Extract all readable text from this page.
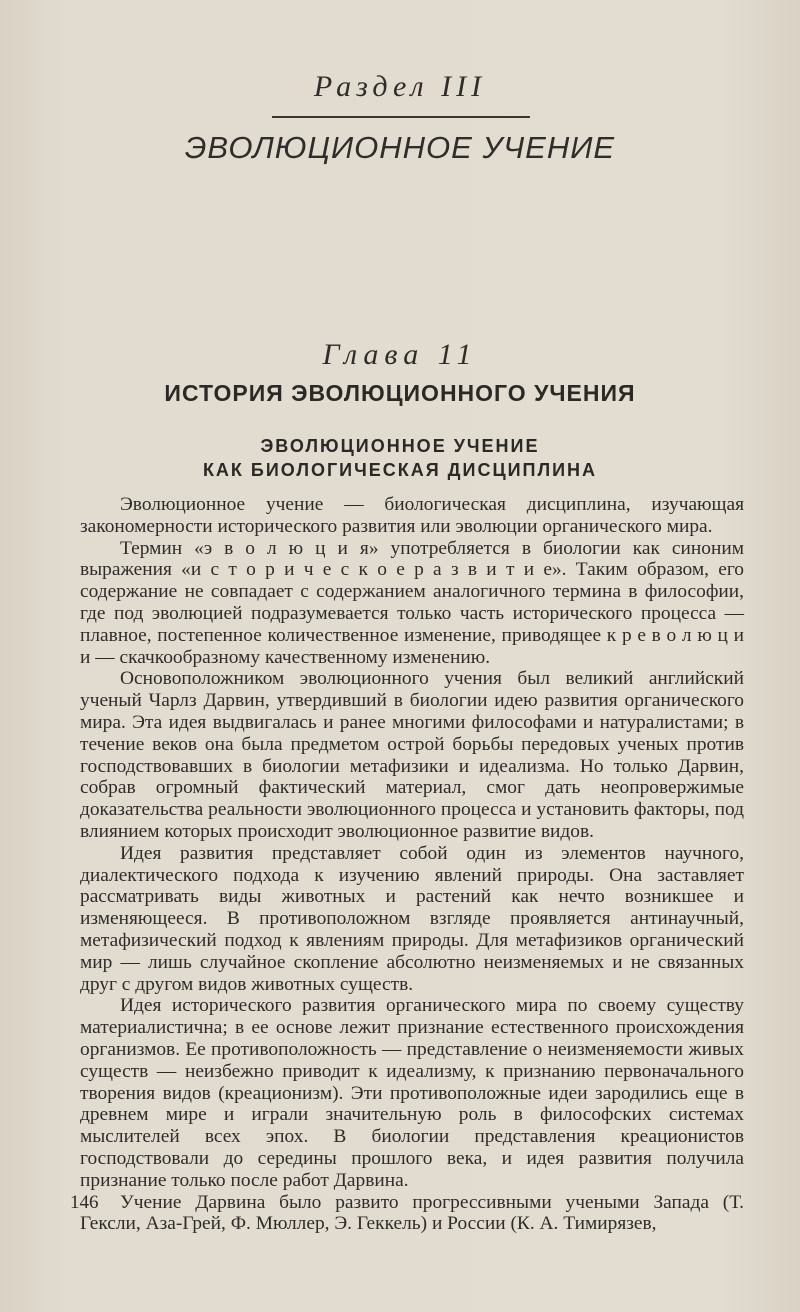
Раздел III
ЭВОЛЮЦИОННОЕ УЧЕНИЕ
Глава 11
ИСТОРИЯ ЭВОЛЮЦИОННОГО УЧЕНИЯ
ЭВОЛЮЦИОННОЕ УЧЕНИЕ
КАК БИОЛОГИЧЕСКАЯ ДИСЦИПЛИНА

Эволюционное учение — биологическая дисциплина, изучающая закономерности исторического развития или эволюции органического мира.

Термин «э в о л ю ц и я» употребляется в биологии как синоним выражения «и с т о р и ч е с к о е р а з в и т и е». Таким образом, его содержание не совпадает с содержанием аналогичного термина в философии, где под эволюцией подразумевается только часть исторического процесса — плавное, постепенное количественное изменение, приводящее к р е в о л ю ц и и — скачкообразному качественному изменению.

Основоположником эволюционного учения был великий английский ученый Чарлз Дарвин, утвердивший в биологии идею развития органического мира. Эта идея выдвигалась и ранее многими философами и натуралистами; в течение веков она была предметом острой борьбы передовых ученых против господствовавших в биологии метафизики и идеализма. Но только Дарвин, собрав огромный фактический материал, смог дать неопровержимые доказательства реальности эволюционного процесса и установить факторы, под влиянием которых происходит эволюционное развитие видов.

Идея развития представляет собой один из элементов научного, диалектического подхода к изучению явлений природы. Она заставляет рассматривать виды животных и растений как нечто возникшее и изменяющееся. В противоположном взгляде проявляется антинаучный, метафизический подход к явлениям природы. Для метафизиков органический мир — лишь случайное скопление абсолютно неизменяемых и не связанных друг с другом видов животных существ.

Идея исторического развития органического мира по своему существу материалистична; в ее основе лежит признание естественного происхождения организмов. Ее противоположность — представление о неизменяемости живых существ — неизбежно приводит к идеализму, к признанию первоначального творения видов (креационизм). Эти противоположные идеи зародились еще в древнем мире и играли значительную роль в философских системах мыслителей всех эпох. В биологии представления креационистов господствовали до середины прошлого века, и идея развития получила признание только после работ Дарвина.

Учение Дарвина было развито прогрессивными учеными Запада (Т. Гексли, Аза-Грей, Ф. Мюллер, Э. Геккель) и России (К. А. Тимирязев,

146
